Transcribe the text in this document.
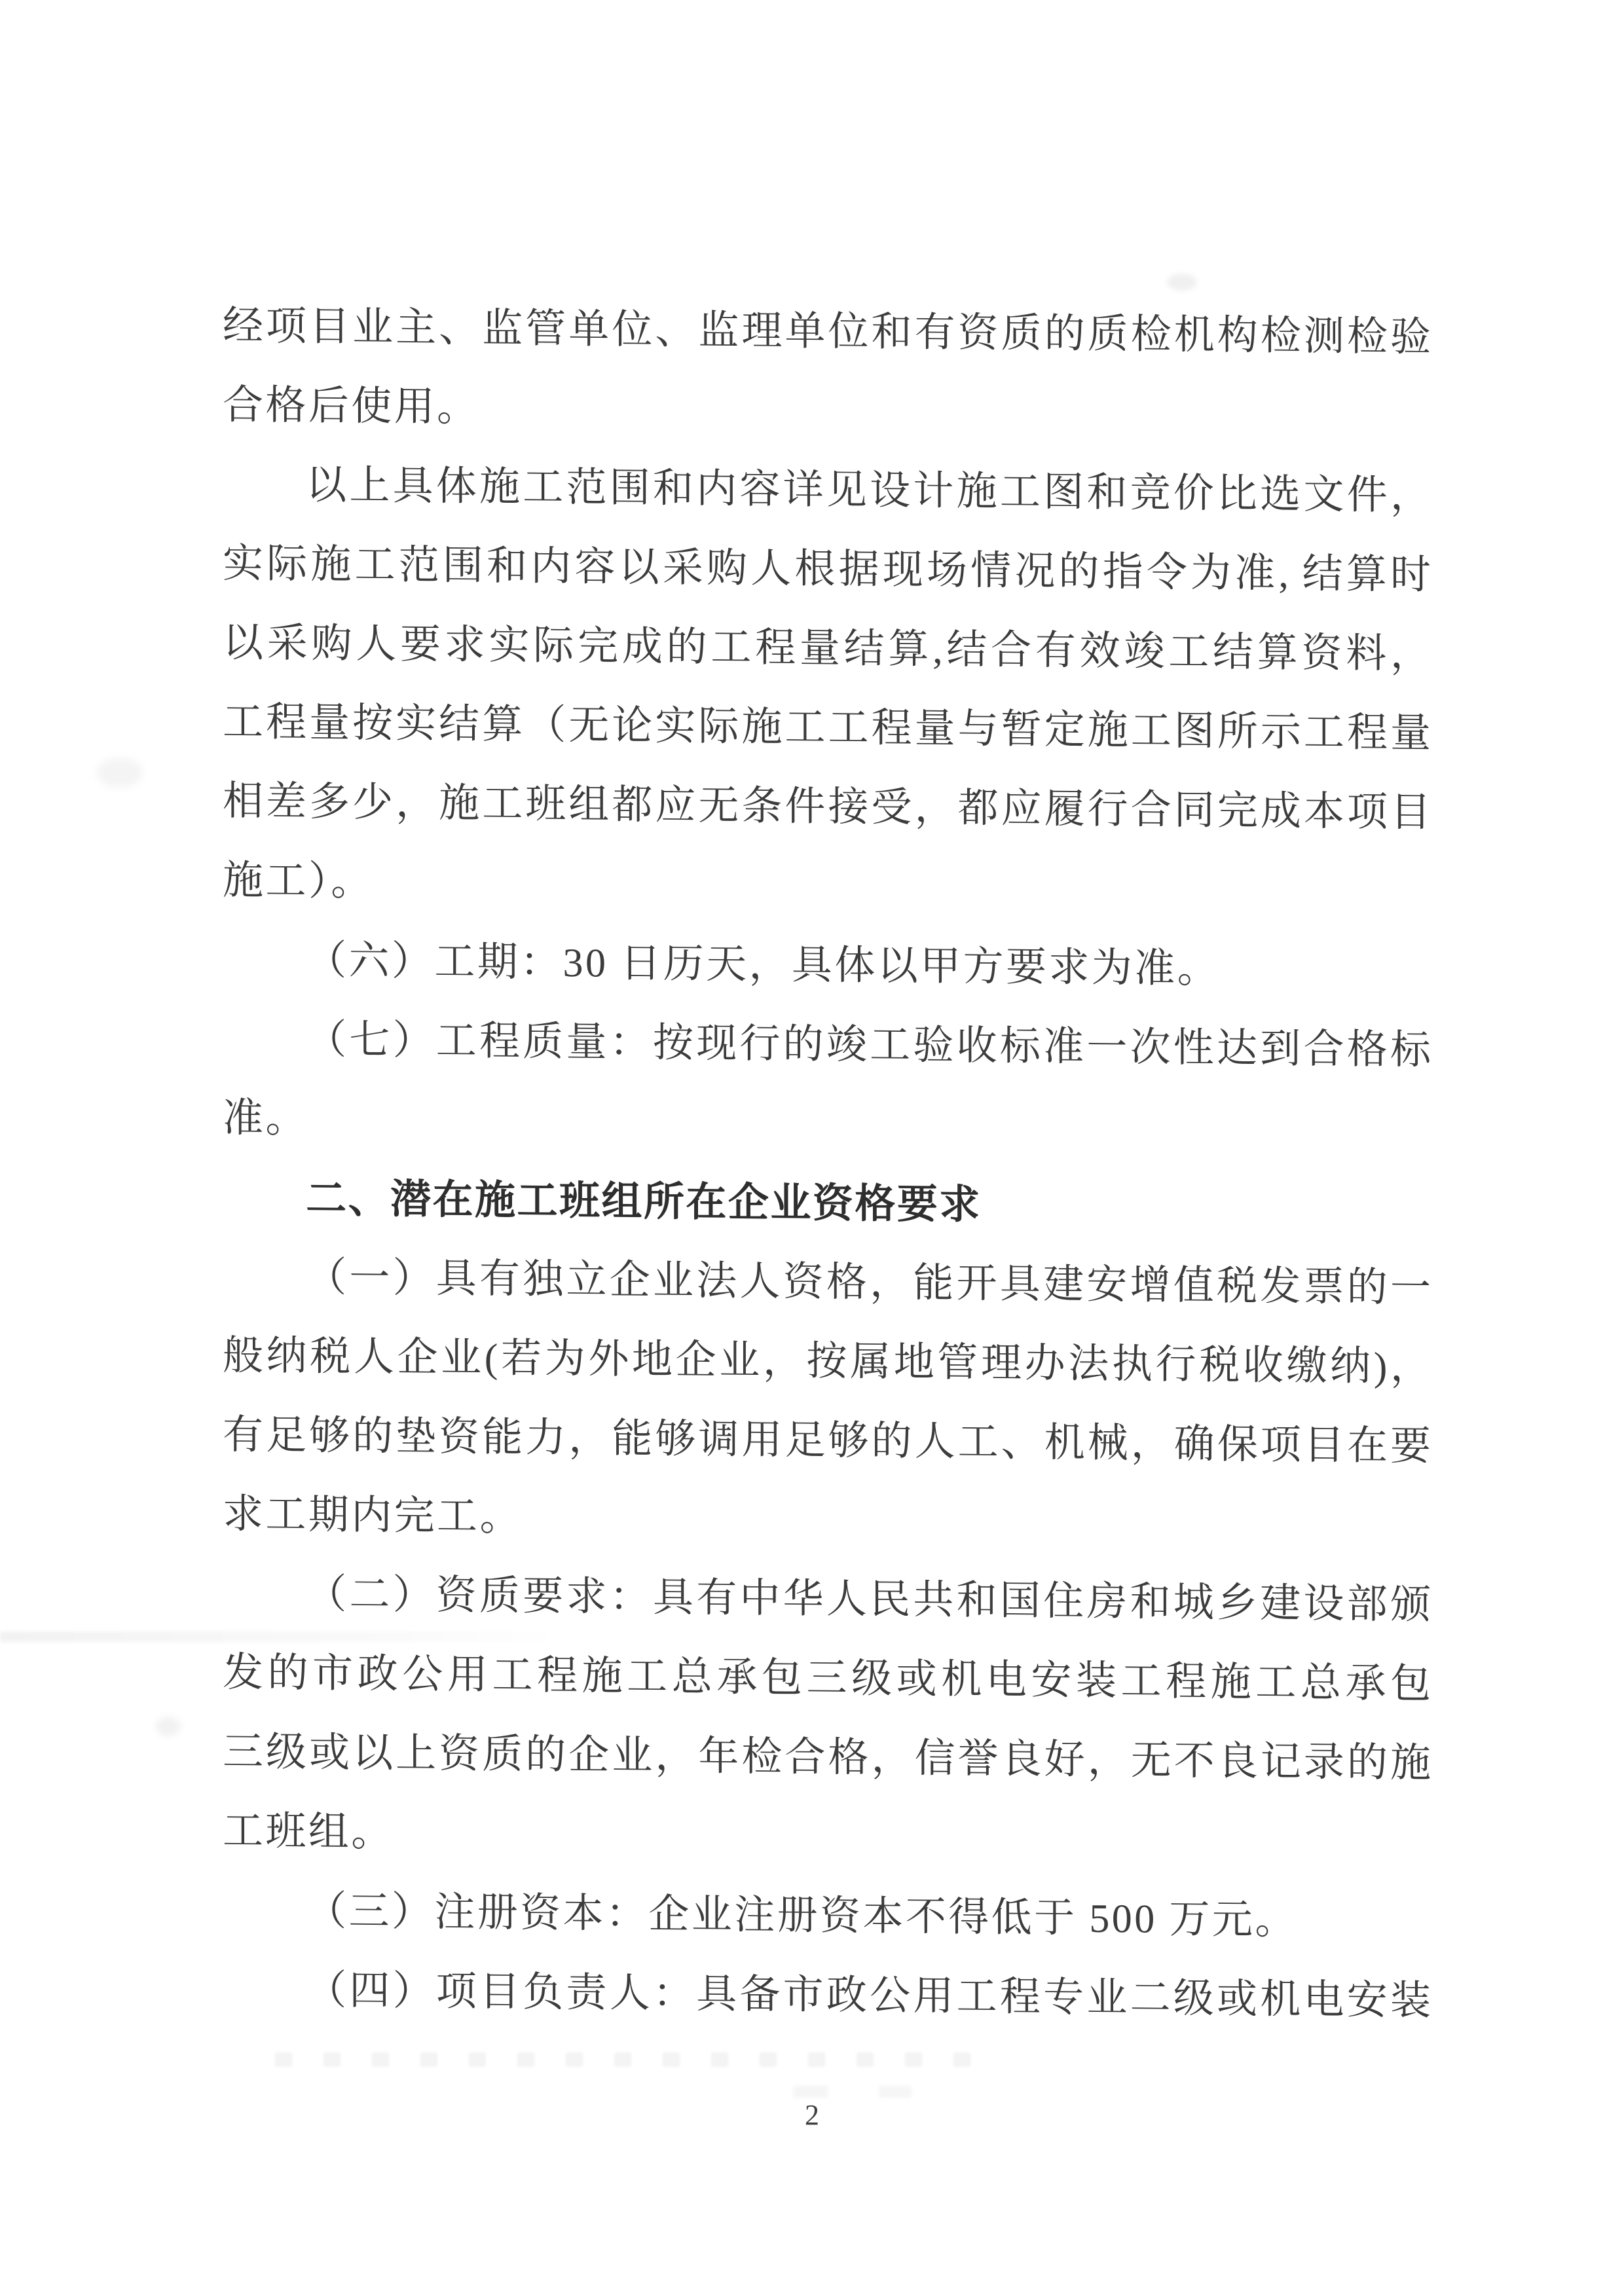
经项目业主、监管单位、监理单位和有资质的质检机构检测检验
合格后使用。
以上具体施工范围和内容详见设计施工图和竞价比选文件，
实际施工范围和内容以采购人根据现场情况的指令为准, 结算时
以采购人要求实际完成的工程量结算,结合有效竣工结算资料，
工程量按实结算（无论实际施工工程量与暂定施工图所示工程量
相差多少，施工班组都应无条件接受，都应履行合同完成本项目
施工）。
（六）工期：30 日历天，具体以甲方要求为准。
（七）工程质量：按现行的竣工验收标准一次性达到合格标
准。
二、潜在施工班组所在企业资格要求
（一）具有独立企业法人资格，能开具建安增值税发票的一
般纳税人企业(若为外地企业，按属地管理办法执行税收缴纳)，
有足够的垫资能力，能够调用足够的人工、机械，确保项目在要
求工期内完工。
（二）资质要求：具有中华人民共和国住房和城乡建设部颁
发的市政公用工程施工总承包三级或机电安装工程施工总承包
三级或以上资质的企业，年检合格，信誉良好，无不良记录的施
工班组。
（三）注册资本：企业注册资本不得低于 500 万元。
（四）项目负责人：具备市政公用工程专业二级或机电安装
2
